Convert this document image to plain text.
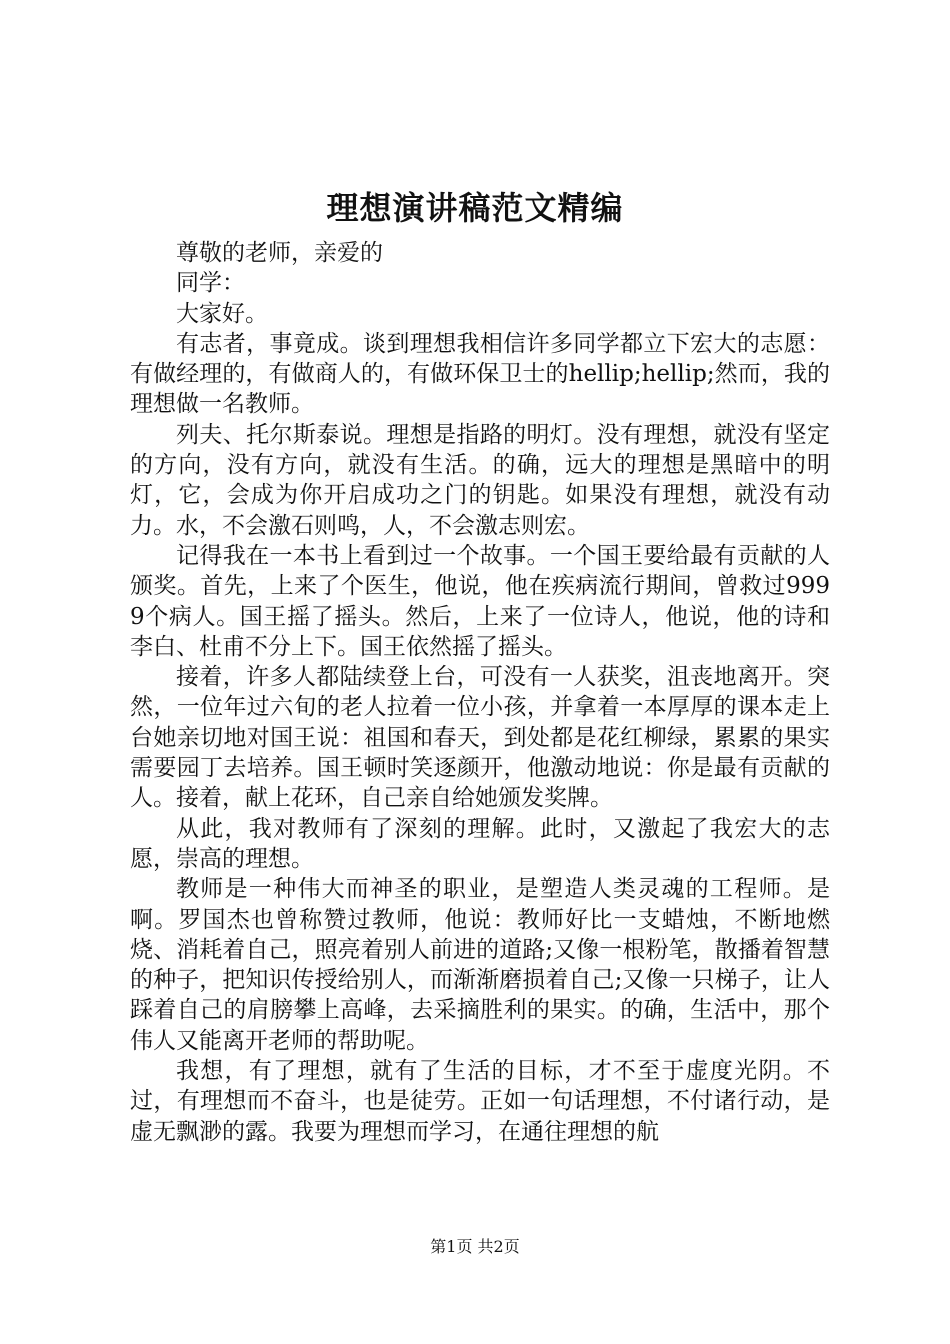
理想演讲稿范文精编

尊敬的老师，亲爱的

同学：

大家好。

有志者，事竟成。谈到理想我相信许多同学都立下宏大的志愿：有做经理的，有做商人的，有做环保卫士的hellip;hellip;然而，我的理想做一名教师。

列夫、托尔斯泰说。理想是指路的明灯。没有理想，就没有坚定的方向，没有方向，就没有生活。的确，远大的理想是黑暗中的明灯，它，会成为你开启成功之门的钥匙。如果没有理想，就没有动力。水，不会激石则鸣，人，不会激志则宏。

记得我在一本书上看到过一个故事。一个国王要给最有贡献的人颁奖。首先，上来了个医生，他说，他在疾病流行期间，曾救过9999个病人。国王摇了摇头。然后，上来了一位诗人，他说，他的诗和李白、杜甫不分上下。国王依然摇了摇头。

接着，许多人都陆续登上台，可没有一人获奖，沮丧地离开。突然，一位年过六旬的老人拉着一位小孩，并拿着一本厚厚的课本走上台她亲切地对国王说：祖国和春天，到处都是花红柳绿，累累的果实需要园丁去培养。国王顿时笑逐颜开，他激动地说：你是最有贡献的人。接着，献上花环，自己亲自给她颁发奖牌。

从此，我对教师有了深刻的理解。此时，又激起了我宏大的志愿，崇高的理想。

教师是一种伟大而神圣的职业，是塑造人类灵魂的工程师。是啊。罗国杰也曾称赞过教师，他说：教师好比一支蜡烛，不断地燃烧、消耗着自己，照亮着别人前进的道路;又像一根粉笔，散播着智慧的种子，把知识传授给别人，而渐渐磨损着自己;又像一只梯子，让人踩着自己的肩膀攀上高峰，去采摘胜利的果实。的确，生活中，那个伟人又能离开老师的帮助呢。

我想，有了理想，就有了生活的目标，才不至于虚度光阴。不过，有理想而不奋斗，也是徒劳。正如一句话理想，不付诸行动，是虚无飘渺的露。我要为理想而学习，在通往理想的航

第1页 共2页
